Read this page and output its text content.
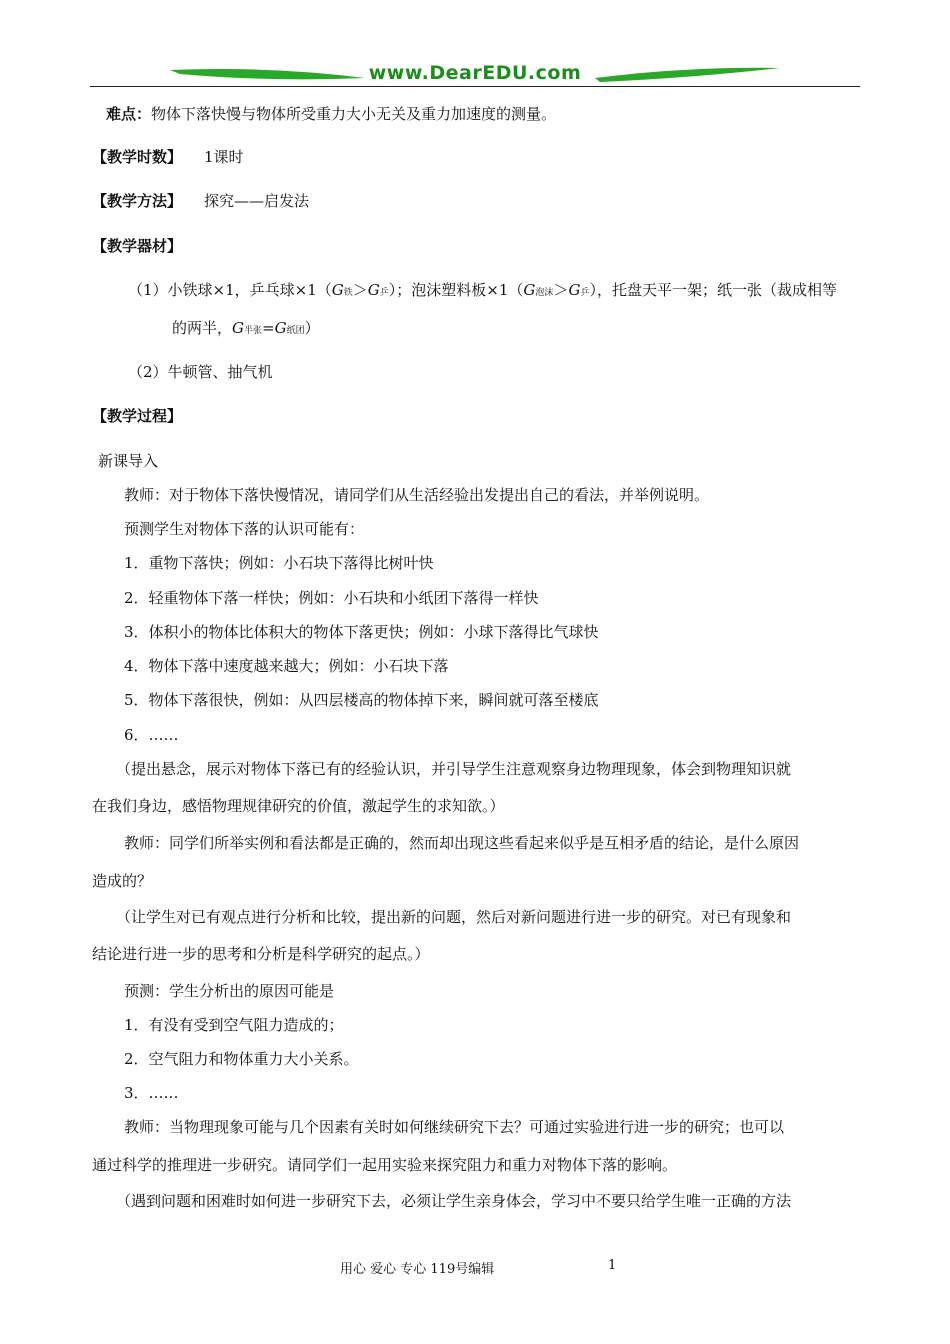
www.DearEDU.com
难点：物体下落快慢与物体所受重力大小无关及重力加速度的测量。
【教学时数】 1课时
【教学方法】 探究——启发法
【教学器材】
（1）小铁球×1，乒乓球×1（G铁＞G乒）；泡沫塑料板×1（G泡沫＞G乒），托盘天平一架；纸一张（裁成相等
的两半，G半张=G纸团）
（2）牛顿管、抽气机
【教学过程】
新课导入
教师：对于物体下落快慢情况，请同学们从生活经验出发提出自己的看法，并举例说明。
预测学生对物体下落的认识可能有：
1．重物下落快；例如：小石块下落得比树叶快
2．轻重物体下落一样快；例如：小石块和小纸团下落得一样快
3．体积小的物体比体积大的物体下落更快；例如：小球下落得比气球快
4．物体下落中速度越来越大；例如：小石块下落
5．物体下落很快，例如：从四层楼高的物体掉下来，瞬间就可落至楼底
6．……
（提出悬念，展示对物体下落已有的经验认识，并引导学生注意观察身边物理现象，体会到物理知识就
在我们身边，感悟物理规律研究的价值，激起学生的求知欲。）
教师：同学们所举实例和看法都是正确的，然而却出现这些看起来似乎是互相矛盾的结论，是什么原因
造成的？
（让学生对已有观点进行分析和比较，提出新的问题，然后对新问题进行进一步的研究。对已有现象和
结论进行进一步的思考和分析是科学研究的起点。）
预测：学生分析出的原因可能是
1．有没有受到空气阻力造成的；
2．空气阻力和物体重力大小关系。
3．……
教师：当物理现象可能与几个因素有关时如何继续研究下去？可通过实验进行进一步的研究；也可以
通过科学的推理进一步研究。请同学们一起用实验来探究阻力和重力对物体下落的影响。
（遇到问题和困难时如何进一步研究下去，必须让学生亲身体会，学习中不要只给学生唯一正确的方法
用心 爱心 专心 119号编辑	1
